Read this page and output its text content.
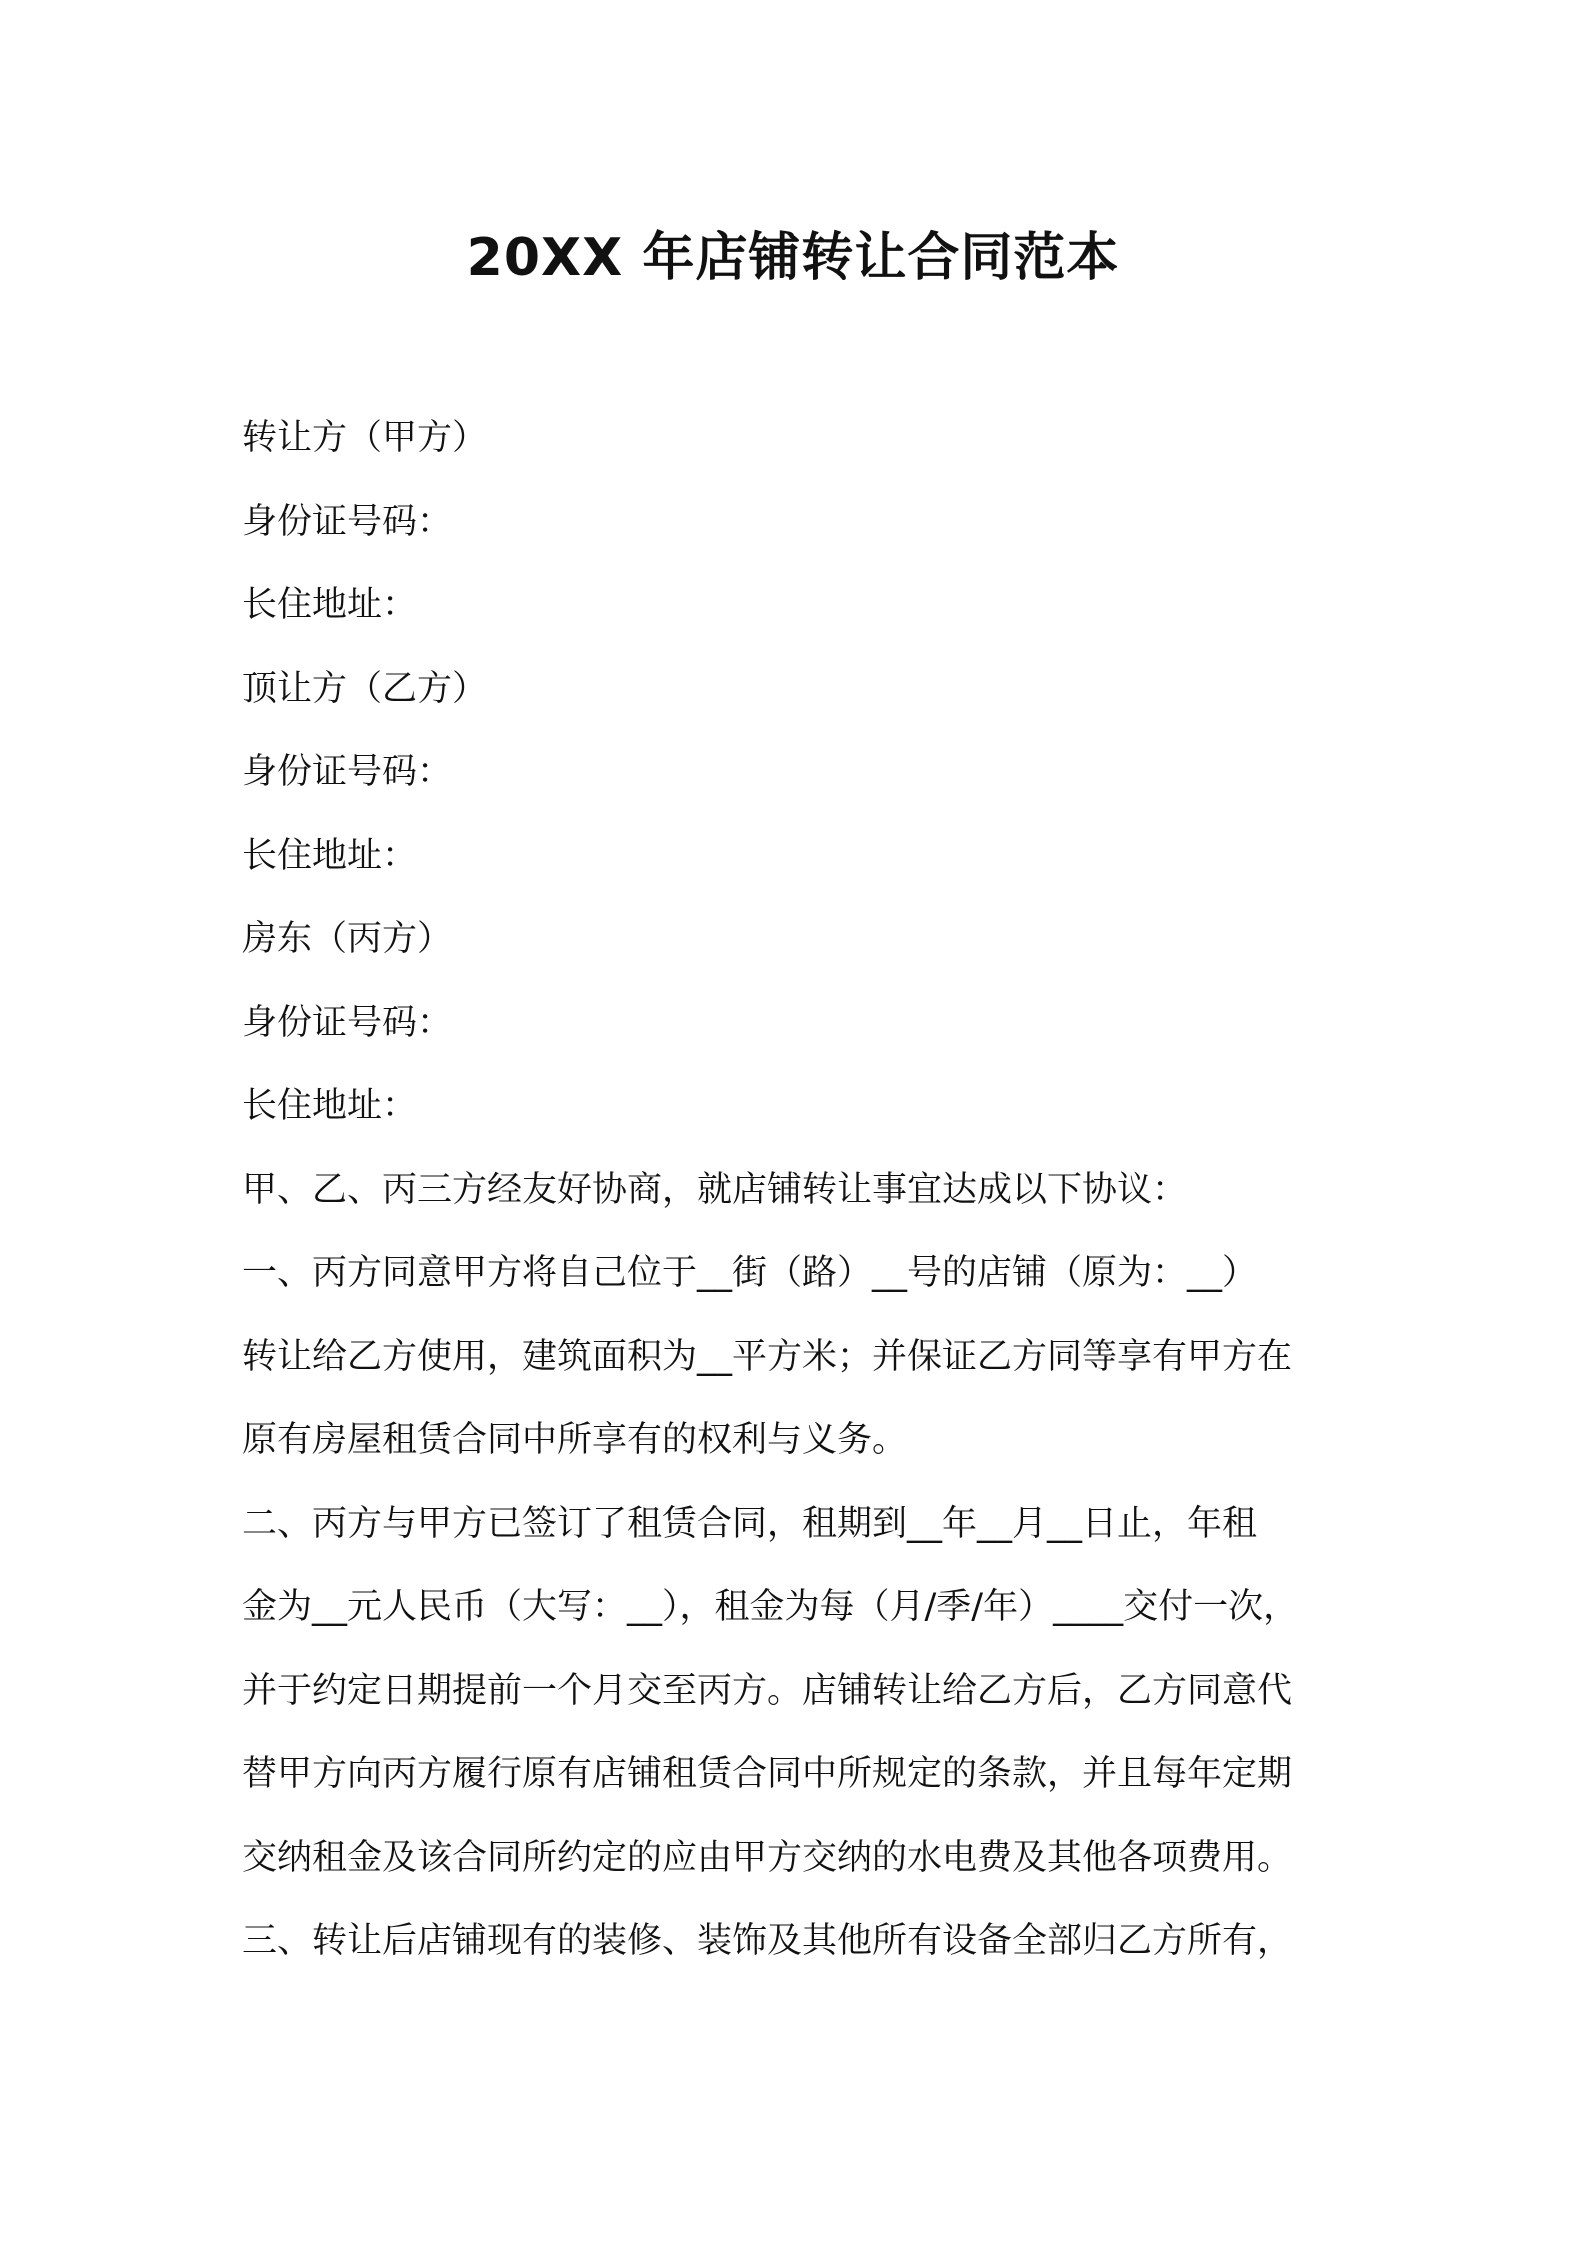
20XX 年店铺转让合同范本

转让方（甲方）

身份证号码：

长住地址：

顶让方（乙方）

身份证号码：

长住地址：

房东（丙方）

身份证号码：

长住地址：

甲、乙、丙三方经友好协商，就店铺转让事宜达成以下协议：

一、丙方同意甲方将自己位于__街（路）__号的店铺（原为：__）

转让给乙方使用，建筑面积为__平方米；并保证乙方同等享有甲方在

原有房屋租赁合同中所享有的权利与义务。

二、丙方与甲方已签订了租赁合同，租期到__年__月__日止，年租

金为__元人民币（大写：__），租金为每（月/季/年）____交付一次，

并于约定日期提前一个月交至丙方。店铺转让给乙方后，乙方同意代

替甲方向丙方履行原有店铺租赁合同中所规定的条款，并且每年定期

交纳租金及该合同所约定的应由甲方交纳的水电费及其他各项费用。

三、转让后店铺现有的装修、装饰及其他所有设备全部归乙方所有，
